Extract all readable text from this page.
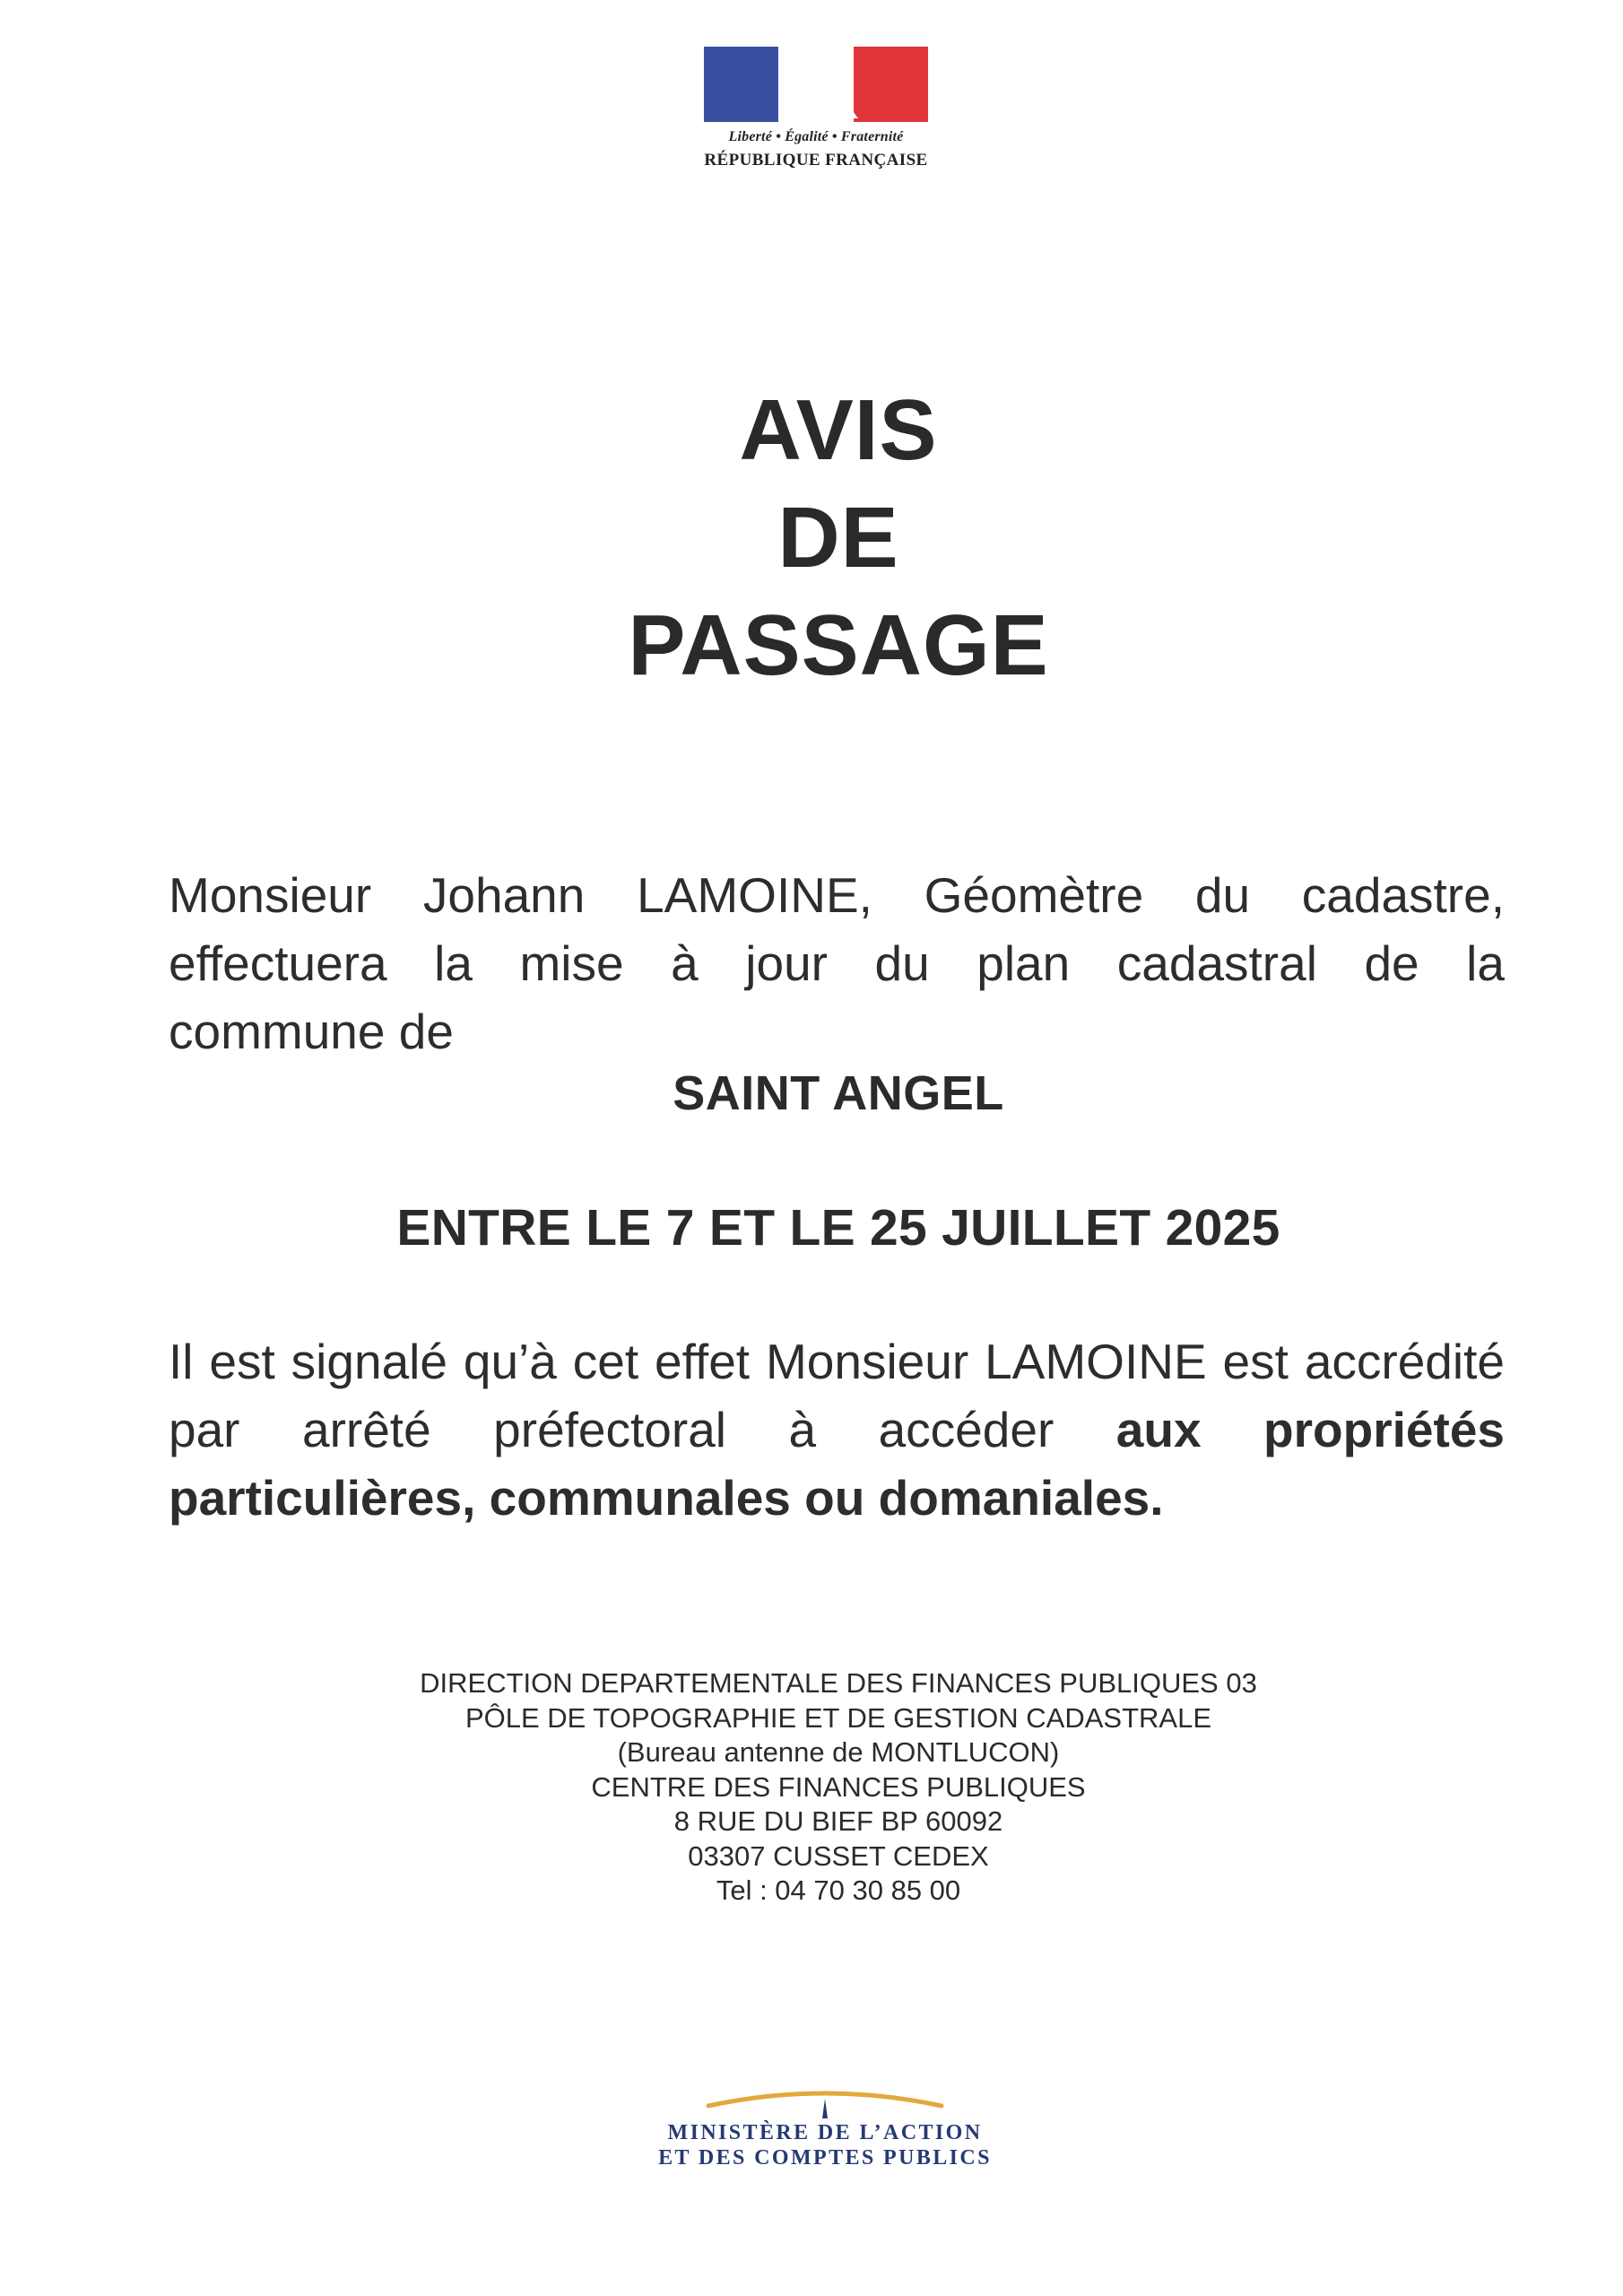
Liberté • Égalité • Fraternité
RÉPUBLIQUE FRANÇAISE
AVIS
DE
PASSAGE
Monsieur Johann LAMOINE, Géomètre du cadastre,
effectuera la mise à jour du plan cadastral de la
commune de
SAINT ANGEL
ENTRE LE 7 ET LE 25 JUILLET 2025
Il est signalé qu’à cet effet Monsieur LAMOINE est accrédité par arrêté préfectoral à accéder aux propriétés particulières, communales ou domaniales.
DIRECTION DEPARTEMENTALE DES FINANCES PUBLIQUES 03
PÔLE DE TOPOGRAPHIE ET DE GESTION CADASTRALE
(Bureau antenne de MONTLUCON)
CENTRE DES FINANCES PUBLIQUES
8 RUE DU BIEF BP 60092
03307 CUSSET CEDEX
Tel : 04 70 30 85 00
MINISTÈRE DE L’ACTION
ET DES COMPTES PUBLICS
